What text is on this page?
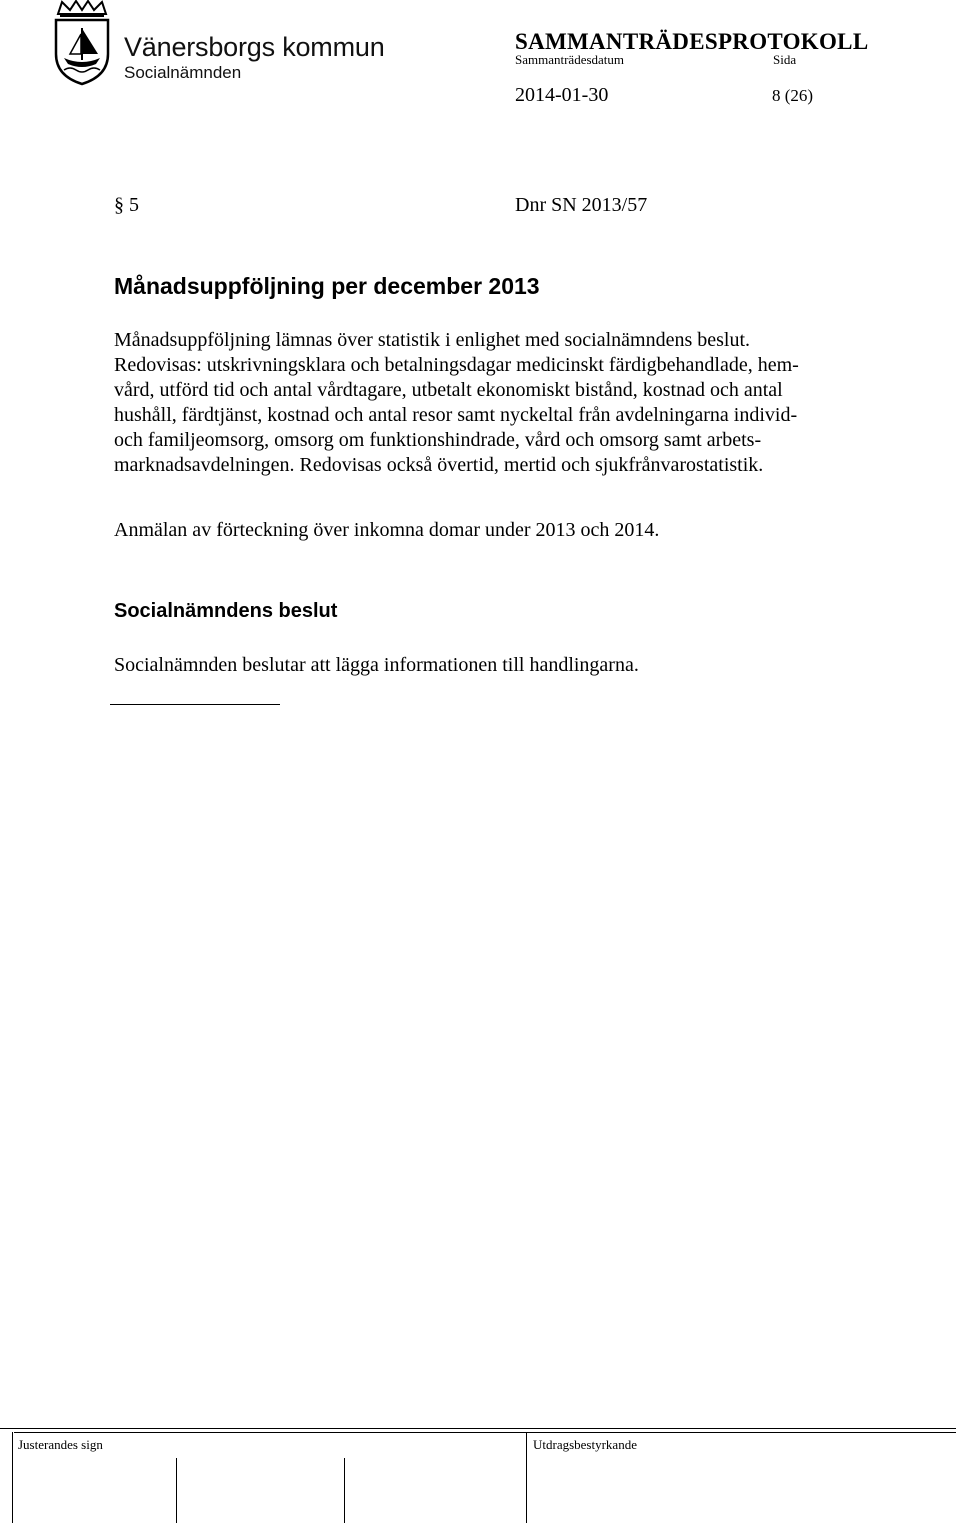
Vänersborgs kommun
Socialnämnden
SAMMANTRÄDESPROTOKOLL
Sammanträdesdatum	Sida
2014-01-30	8 (26)
§ 5	Dnr SN 2013/57
Månadsuppföljning per december 2013
Månadsuppföljning lämnas över statistik i enlighet med socialnämndens beslut.
Redovisas: utskrivningsklara och betalningsdagar medicinskt färdigbehandlade, hem-
vård, utförd tid och antal vårdtagare, utbetalt ekonomiskt bistånd, kostnad och antal
hushåll, färdtjänst, kostnad och antal resor samt nyckeltal från avdelningarna individ-
och familjeomsorg, omsorg om funktionshindrade, vård och omsorg samt arbets-
marknadsavdelningen. Redovisas också övertid, mertid och sjukfrånvarostatistik.
Anmälan av förteckning över inkomna domar under 2013 och 2014.
Socialnämndens beslut
Socialnämnden beslutar att lägga informationen till handlingarna.
Justerandes sign	Utdragsbestyrkande
